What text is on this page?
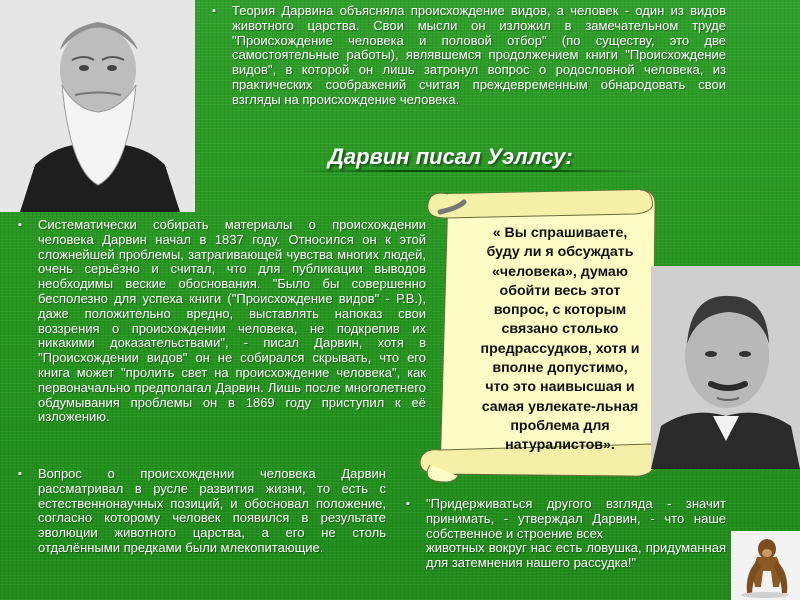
▪ Теория Дарвина объясняла происхождение видов, а человек - один из видов животного царства. Свои мысли он изложил в замечательном труде "Происхождение человека и половой отбор" (по существу, это две самостоятельные работы), являвшемся продолжением книги "Происхождение видов", в которой он лишь затронул вопрос о родословной человека, из практических соображений считая преждевременным обнародовать свои взгляды на происхождение человека.
Дарвин писал Уэллсу:
▪ Систематически собирать материалы о происхождении человека Дарвин начал в 1837 году. Относился он к этой сложнейшей проблемы, затрагивающей чувства многих людей, очень серьёзно и считал, что для публикации выводов необходимы веские обоснования. "Было бы совершенно бесполезно для успеха книги ("Происхождение видов" - Р.В.), даже положительно вредно, выставлять напоказ свои воззрения о происхождении человека, не подкрепив их никакими доказательствами", - писал Дарвин, хотя в "Происхождении видов" он не собирался скрывать, что его книга может "пролить свет на происхождение человека", как первоначально предполагал Дарвин. Лишь после многолетнего обдумывания проблемы он в 1869 году приступил к её изложению.
▪ Вопрос о происхождении человека Дарвин рассматривал в русле развития жизни, то есть с естественнонаучных позиций, и обосновал положение, согласно которому человек появился в результате эволюции животного царства, а его не столь отдалёнными предками были млекопитающие.
« Вы спрашиваете, буду ли я обсуждать «человека», думаю обойти весь этот вопрос, с которым связано столько предрассудков, хотя и вполне допустимо, что это наивысшая и самая увлекате-льная проблема для натуралистов».
▪ "Придерживаться другого взгляда - значит принимать, - утверждал Дарвин, - что наше собственное и строение всех

животных вокруг нас есть ловушка, придуманная для затемнения нашего рассудка!"
